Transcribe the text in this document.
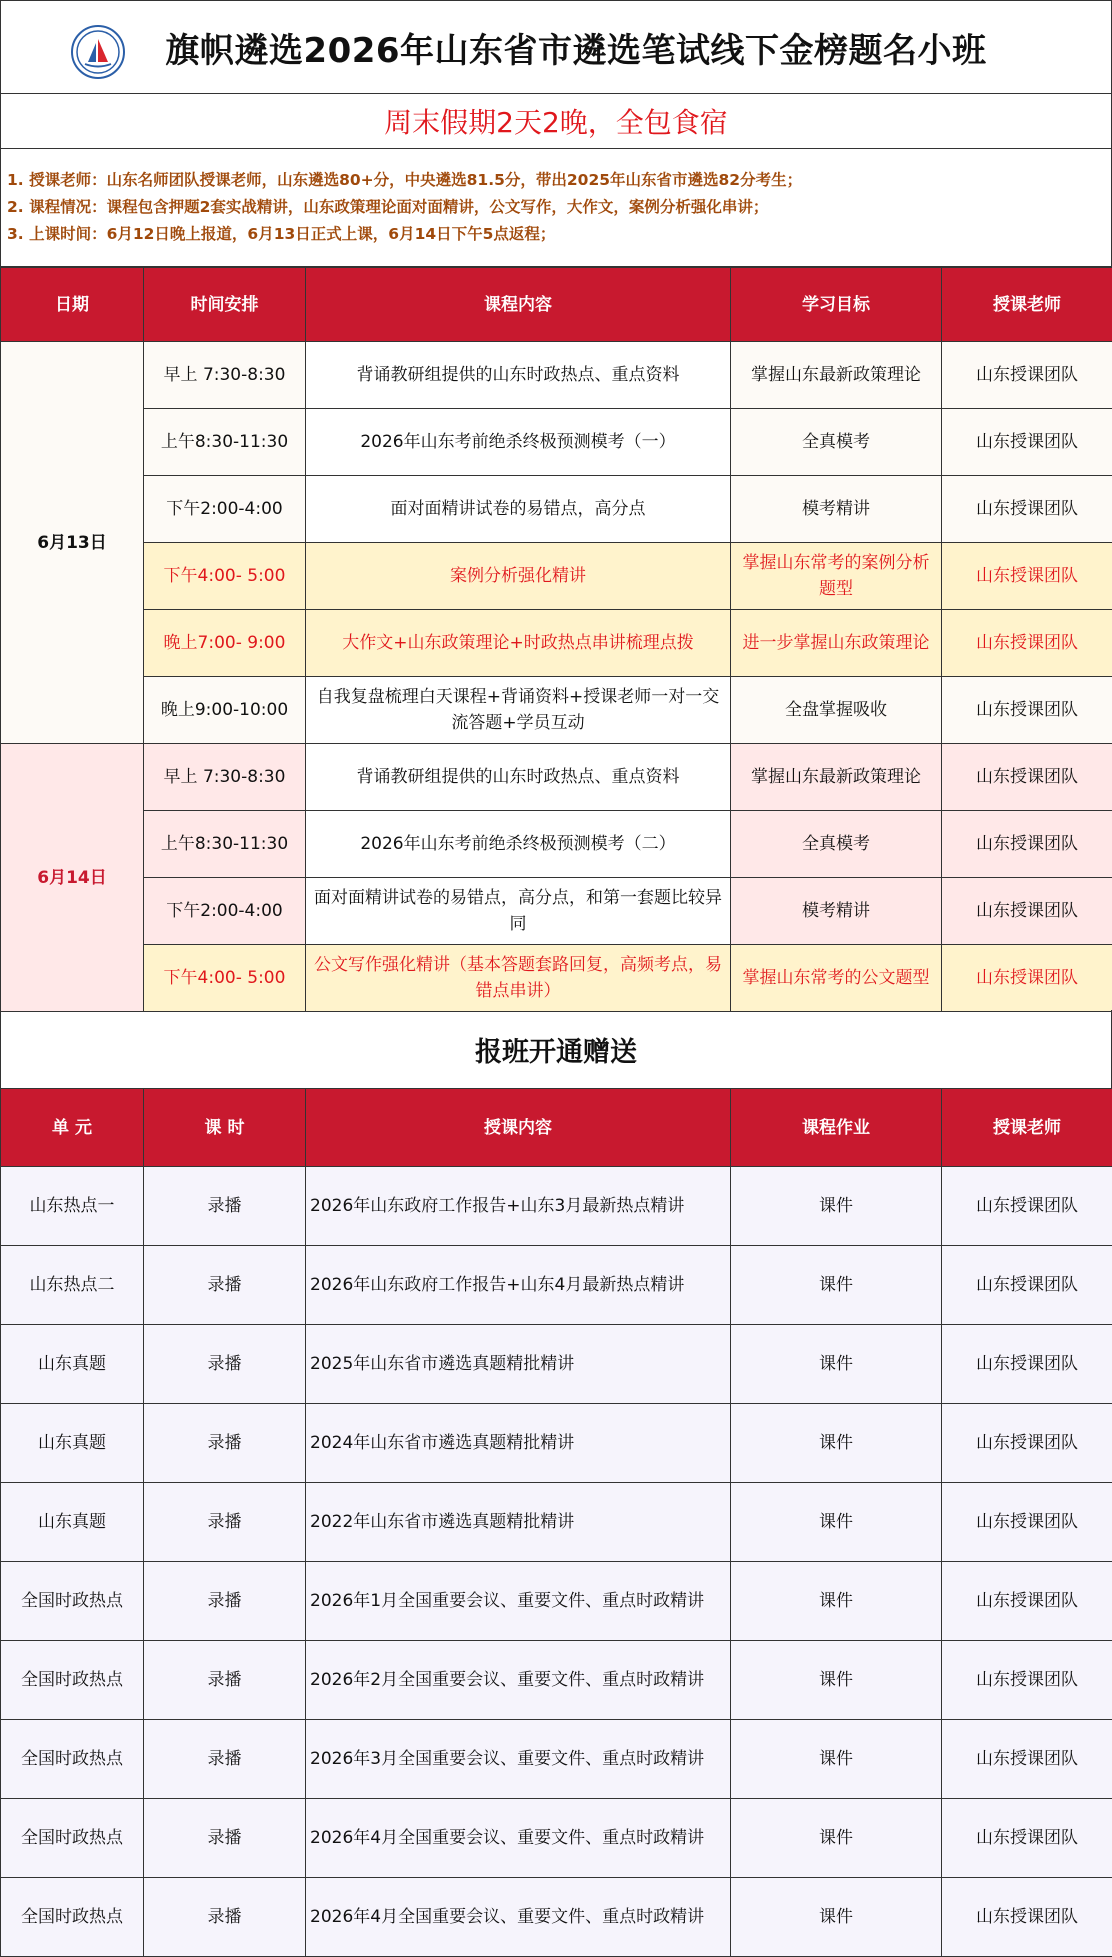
旗帜遴选2026年山东省市遴选笔试线下金榜题名小班
周末假期2天2晚，全包食宿
1. 授课老师：山东名师团队授课老师，山东遴选80+分，中央遴选81.5分，带出2025年山东省市遴选82分考生；
2. 课程情况：课程包含押题2套实战精讲，山东政策理论面对面精讲，公文写作，大作文，案例分析强化串讲；
3. 上课时间：6月12日晚上报道，6月13日正式上课，6月14日下午5点返程；
日期	时间安排	课程内容	学习目标	授课老师
6月13日	早上 7:30-8:30	背诵教研组提供的山东时政热点、重点资料	掌握山东最新政策理论	山东授课团队
	上午8:30-11:30	2026年山东考前绝杀终极预测模考（一）	全真模考	山东授课团队
	下午2:00-4:00	面对面精讲试卷的易错点，高分点	模考精讲	山东授课团队
	下午4:00- 5:00	案例分析强化精讲	掌握山东常考的案例分析题型	山东授课团队
	晚上7:00- 9:00	大作文+山东政策理论+时政热点串讲梳理点拨	进一步掌握山东政策理论	山东授课团队
	晚上9:00-10:00	自我复盘梳理白天课程+背诵资料+授课老师一对一交流答题+学员互动	全盘掌握吸收	山东授课团队
6月14日	早上 7:30-8:30	背诵教研组提供的山东时政热点、重点资料	掌握山东最新政策理论	山东授课团队
	上午8:30-11:30	2026年山东考前绝杀终极预测模考（二）	全真模考	山东授课团队
	下午2:00-4:00	面对面精讲试卷的易错点，高分点，和第一套题比较异同	模考精讲	山东授课团队
	下午4:00- 5:00	公文写作强化精讲（基本答题套路回复，高频考点，易错点串讲）	掌握山东常考的公文题型	山东授课团队
报班开通赠送
单 元	课 时	授课内容	课程作业	授课老师
山东热点一	录播	2026年山东政府工作报告+山东3月最新热点精讲	课件	山东授课团队
山东热点二	录播	2026年山东政府工作报告+山东4月最新热点精讲	课件	山东授课团队
山东真题	录播	2025年山东省市遴选真题精批精讲	课件	山东授课团队
山东真题	录播	2024年山东省市遴选真题精批精讲	课件	山东授课团队
山东真题	录播	2022年山东省市遴选真题精批精讲	课件	山东授课团队
全国时政热点	录播	2026年1月全国重要会议、重要文件、重点时政精讲	课件	山东授课团队
全国时政热点	录播	2026年2月全国重要会议、重要文件、重点时政精讲	课件	山东授课团队
全国时政热点	录播	2026年3月全国重要会议、重要文件、重点时政精讲	课件	山东授课团队
全国时政热点	录播	2026年4月全国重要会议、重要文件、重点时政精讲	课件	山东授课团队
全国时政热点	录播	2026年4月全国重要会议、重要文件、重点时政精讲	课件	山东授课团队
